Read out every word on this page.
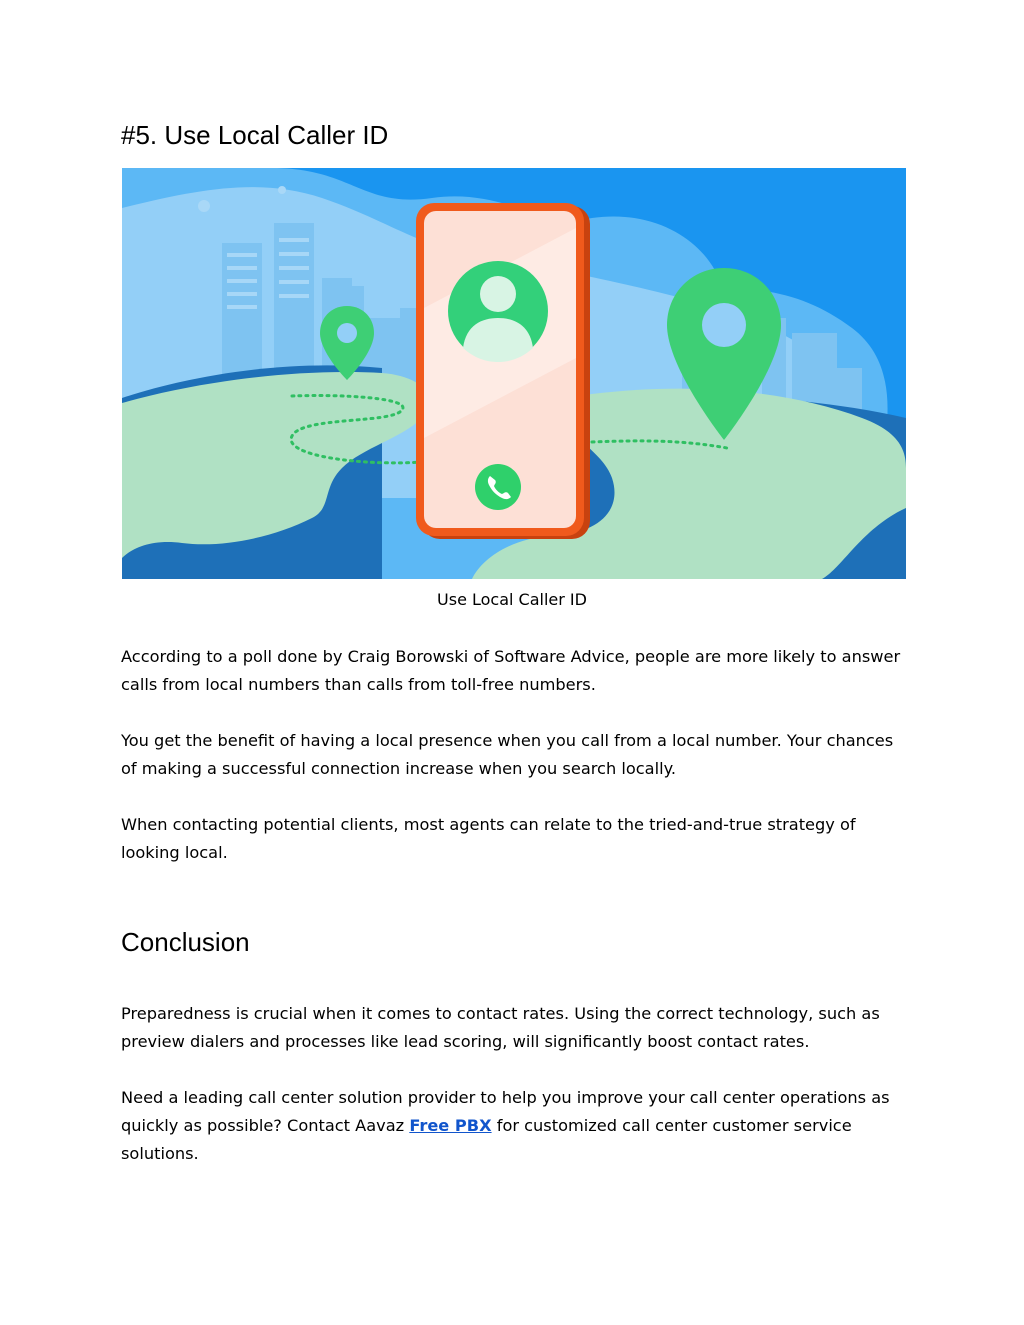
#5. Use Local Caller ID
Use Local Caller ID

According to a poll done by Craig Borowski of Software Advice, people are more likely to answer calls from local numbers than calls from toll-free numbers.

You get the benefit of having a local presence when you call from a local number. Your chances of making a successful connection increase when you search locally.

When contacting potential clients, most agents can relate to the tried-and-true strategy of looking local.

Conclusion

Preparedness is crucial when it comes to contact rates. Using the correct technology, such as preview dialers and processes like lead scoring, will significantly boost contact rates.

Need a leading call center solution provider to help you improve your call center operations as quickly as possible? Contact Aavaz Free PBX for customized call center customer service solutions.
